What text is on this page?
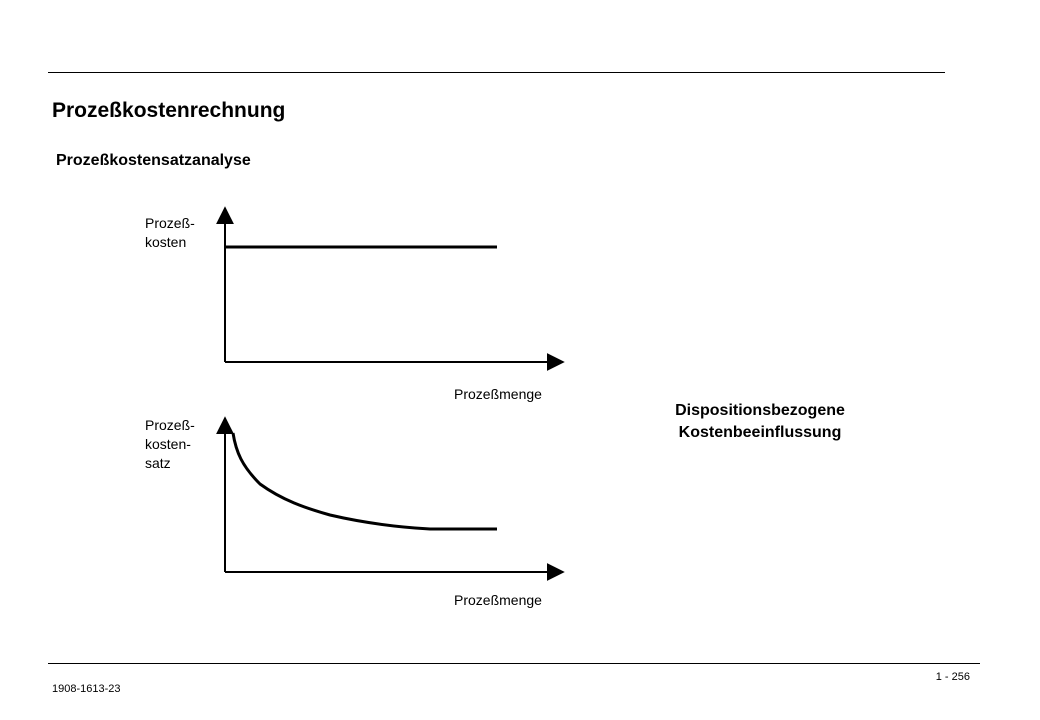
Prozeßkostenrechnung
Prozeßkostensatzanalyse
Prozeß-
kosten
Prozeßmenge
Prozeß-
kosten-
satz
Prozeßmenge
Dispositionsbezogene
Kostenbeeinflussung
1908-1613-23
1 - 256
